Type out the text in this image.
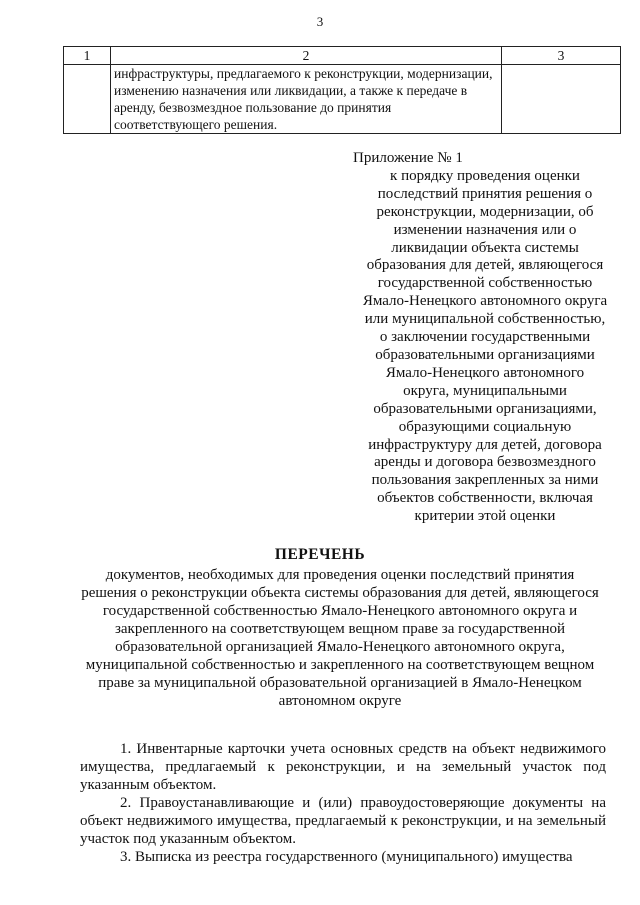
3
1	2	3
	инфраструктуры, предлагаемого к реконструкции, модернизации, изменению назначения или ликвидации, а также к передаче в аренду, безвозмездное пользование до принятия соответствующего решения.	
Приложение № 1
к порядку проведения оценки
последствий принятия решения о
реконструкции, модернизации, об
изменении назначения или о
ликвидации объекта системы
образования для детей, являющегося
государственной собственностью
Ямало-Ненецкого автономного округа
или муниципальной собственностью,
о заключении государственными
образовательными организациями
Ямало-Ненецкого автономного
округа, муниципальными
образовательными организациями,
образующими социальную
инфраструктуру для детей, договора
аренды и договора безвозмездного
пользования закрепленных за ними
объектов собственности, включая
критерии этой оценки
ПЕРЕЧЕНЬ
документов, необходимых для проведения оценки последствий принятия
решения о реконструкции объекта системы образования для детей, являющегося
государственной собственностью Ямало-Ненецкого автономного округа и
закрепленного на соответствующем вещном праве за государственной
образовательной организацией Ямало-Ненецкого автономного округа,
муниципальной собственностью и закрепленного на соответствующем вещном
праве за муниципальной образовательной организацией в Ямало-Ненецком
автономном округе

1. Инвентарные карточки учета основных средств на объект недвижимого имущества, предлагаемый к реконструкции, и на земельный участок под указанным объектом.

2. Правоустанавливающие и (или) правоудостоверяющие документы на объект недвижимого имущества, предлагаемый к реконструкции, и на земельный участок под указанным объектом.

3. Выписка из реестра государственного (муниципального) имущества
